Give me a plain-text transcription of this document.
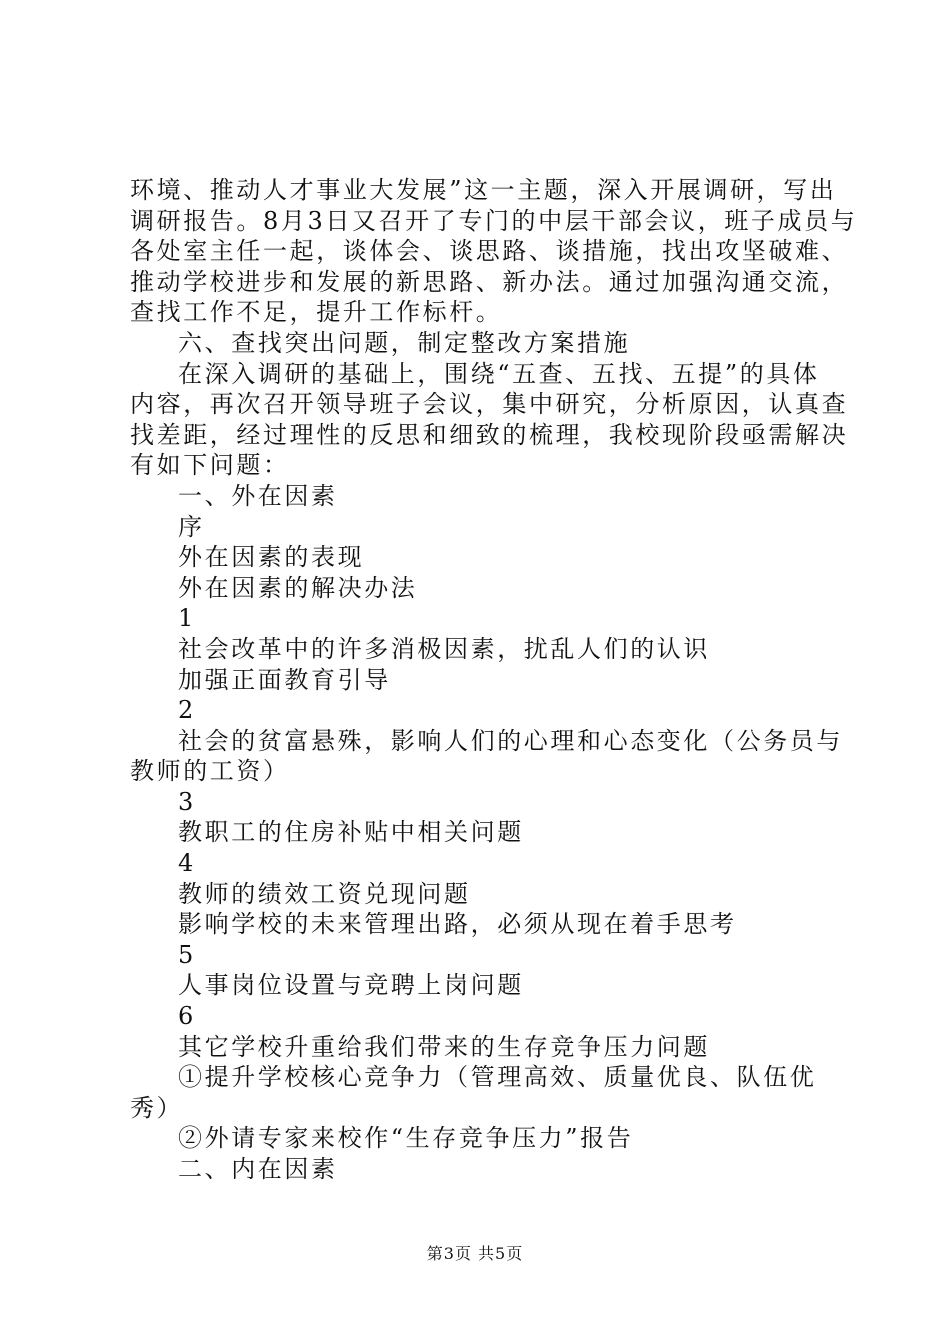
环境、推动人才事业大发展”这一主题，深入开展调研，写出
调研报告。8月3日又召开了专门的中层干部会议，班子成员与
各处室主任一起，谈体会、谈思路、谈措施，找出攻坚破难、
推动学校进步和发展的新思路、新办法。通过加强沟通交流，
查找工作不足，提升工作标杆。
六、查找突出问题，制定整改方案措施
在深入调研的基础上，围绕“五查、五找、五提”的具体
内容，再次召开领导班子会议，集中研究，分析原因，认真查
找差距，经过理性的反思和细致的梳理，我校现阶段亟需解决
有如下问题：
一、外在因素
序
外在因素的表现
外在因素的解决办法
1
社会改革中的许多消极因素，扰乱人们的认识
加强正面教育引导
2
社会的贫富悬殊，影响人们的心理和心态变化（公务员与
教师的工资）
3
教职工的住房补贴中相关问题
4
教师的绩效工资兑现问题
影响学校的未来管理出路，必须从现在着手思考
5
人事岗位设置与竞聘上岗问题
6
其它学校升重给我们带来的生存竞争压力问题
①提升学校核心竞争力（管理高效、质量优良、队伍优
秀）
②外请专家来校作“生存竞争压力”报告
二、内在因素
第3页 共5页
